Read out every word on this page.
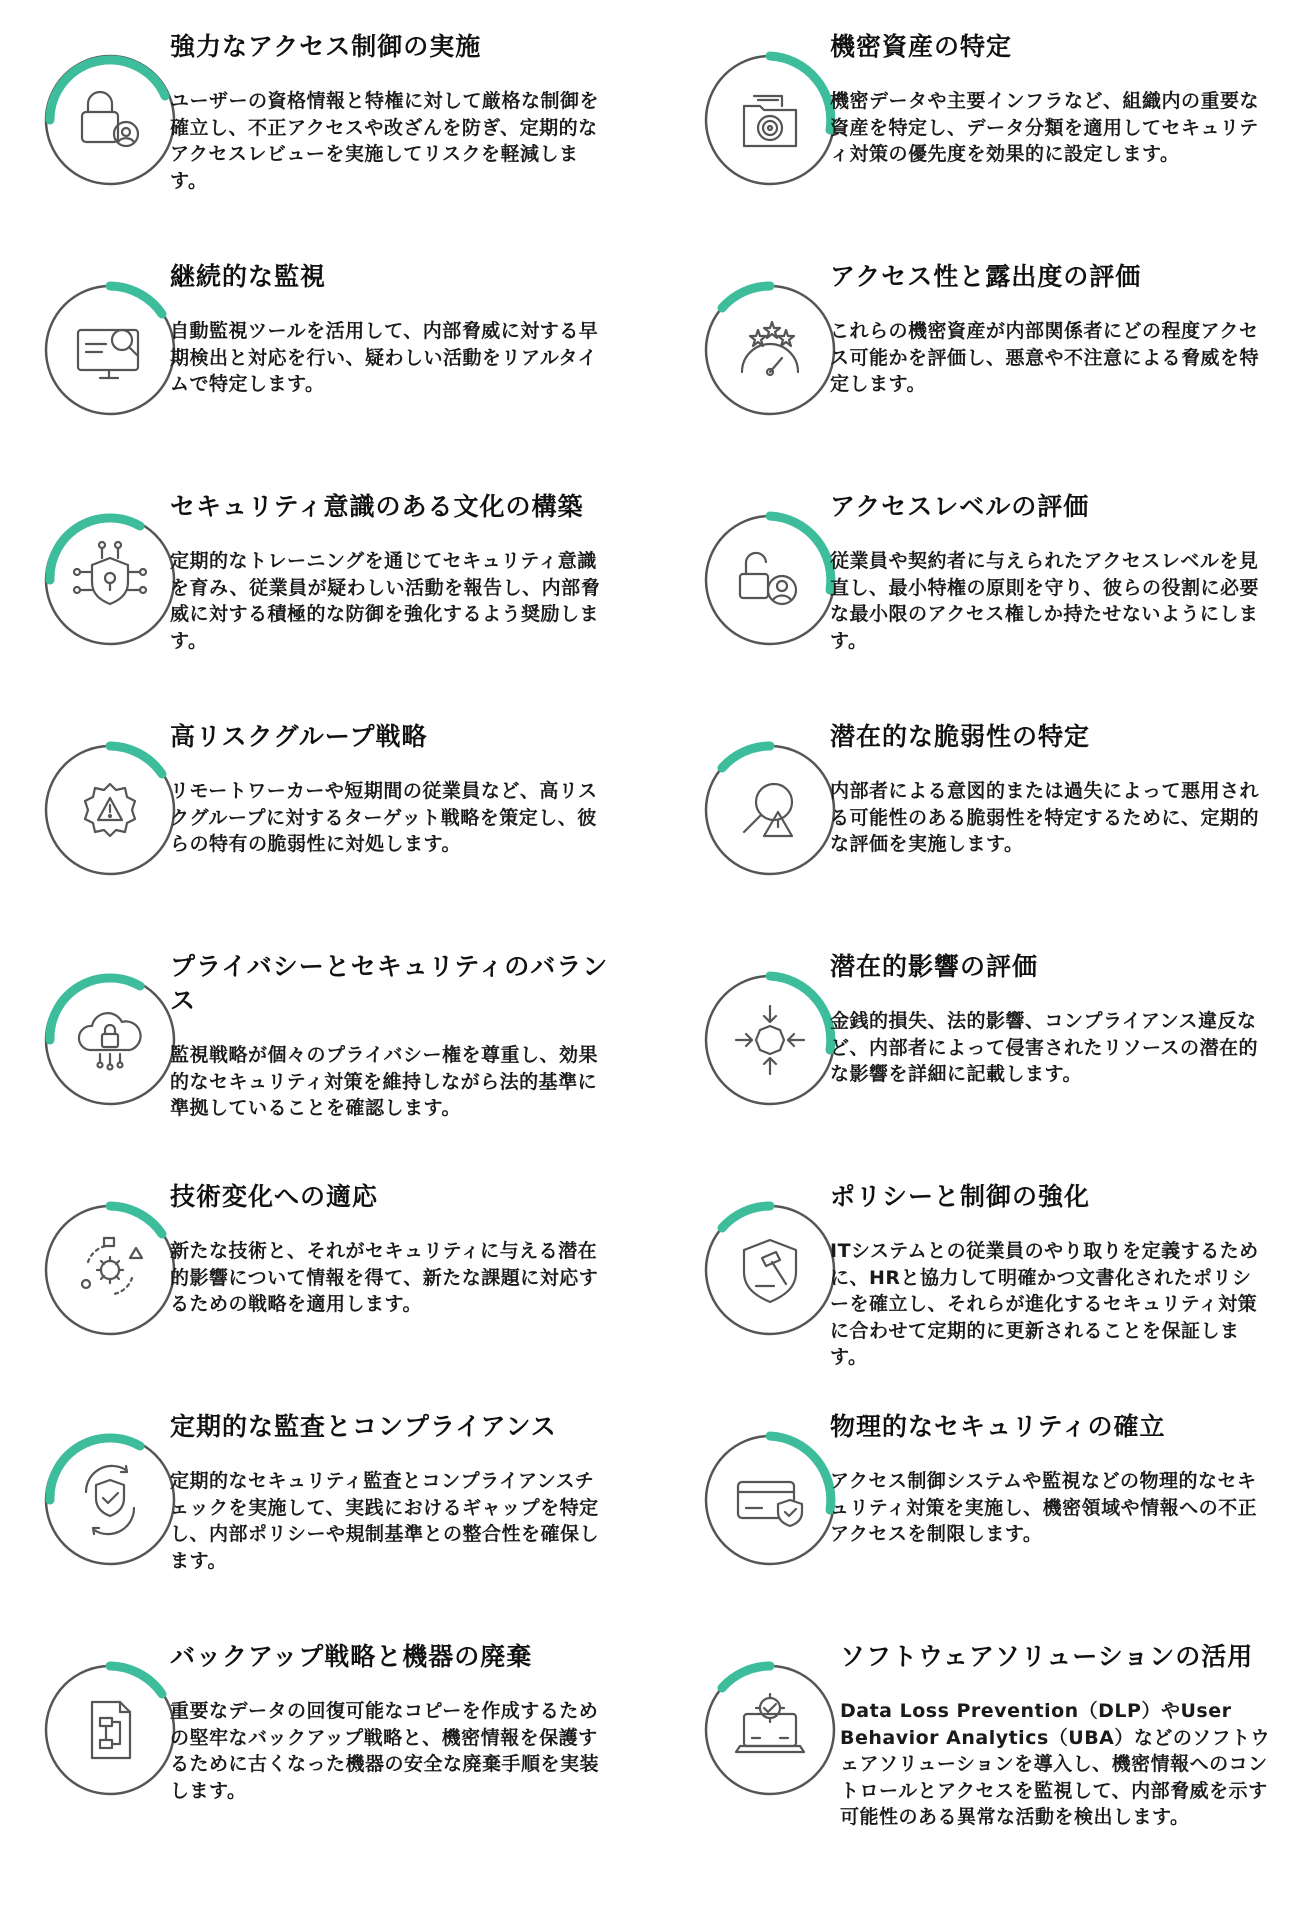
強力なアクセス制御の実施

ユーザーの資格情報と特権に対して厳格な制御を確立し、不正アクセスや改ざんを防ぎ、定期的なアクセスレビューを実施してリスクを軽減します。

継続的な監視

自動監視ツールを活用して、内部脅威に対する早期検出と対応を行い、疑わしい活動をリアルタイムで特定します。

セキュリティ意識のある文化の構築

定期的なトレーニングを通じてセキュリティ意識を育み、従業員が疑わしい活動を報告し、内部脅威に対する積極的な防御を強化するよう奨励します。

高リスクグループ戦略

リモートワーカーや短期間の従業員など、高リスクグループに対するターゲット戦略を策定し、彼らの特有の脆弱性に対処します。

プライバシーとセキュリティのバランス

監視戦略が個々のプライバシー権を尊重し、効果的なセキュリティ対策を維持しながら法的基準に準拠していることを確認します。

技術変化への適応

新たな技術と、それがセキュリティに与える潜在的影響について情報を得て、新たな課題に対応するための戦略を適用します。

定期的な監査とコンプライアンス

定期的なセキュリティ監査とコンプライアンスチェックを実施して、実践におけるギャップを特定し、内部ポリシーや規制基準との整合性を確保します。

バックアップ戦略と機器の廃棄

重要なデータの回復可能なコピーを作成するための堅牢なバックアップ戦略と、機密情報を保護するために古くなった機器の安全な廃棄手順を実装します。

機密資産の特定

機密データや主要インフラなど、組織内の重要な資産を特定し、データ分類を適用してセキュリティ対策の優先度を効果的に設定します。

アクセス性と露出度の評価

これらの機密資産が内部関係者にどの程度アクセス可能かを評価し、悪意や不注意による脅威を特定します。

アクセスレベルの評価

従業員や契約者に与えられたアクセスレベルを見直し、最小特権の原則を守り、彼らの役割に必要な最小限のアクセス権しか持たせないようにします。

潜在的な脆弱性の特定

内部者による意図的または過失によって悪用される可能性のある脆弱性を特定するために、定期的な評価を実施します。

潜在的影響の評価

金銭的損失、法的影響、コンプライアンス違反など、内部者によって侵害されたリソースの潜在的な影響を詳細に記載します。

ポリシーと制御の強化

ITシステムとの従業員のやり取りを定義するために、HRと協力して明確かつ文書化されたポリシーを確立し、それらが進化するセキュリティ対策に合わせて定期的に更新されることを保証します。

物理的なセキュリティの確立

アクセス制御システムや監視などの物理的なセキュリティ対策を実施し、機密領域や情報への不正アクセスを制限します。

ソフトウェアソリューションの活用

Data Loss Prevention（DLP）やUser Behavior Analytics（UBA）などのソフトウェアソリューションを導入し、機密情報へのコントロールとアクセスを監視して、内部脅威を示す可能性のある異常な活動を検出します。
